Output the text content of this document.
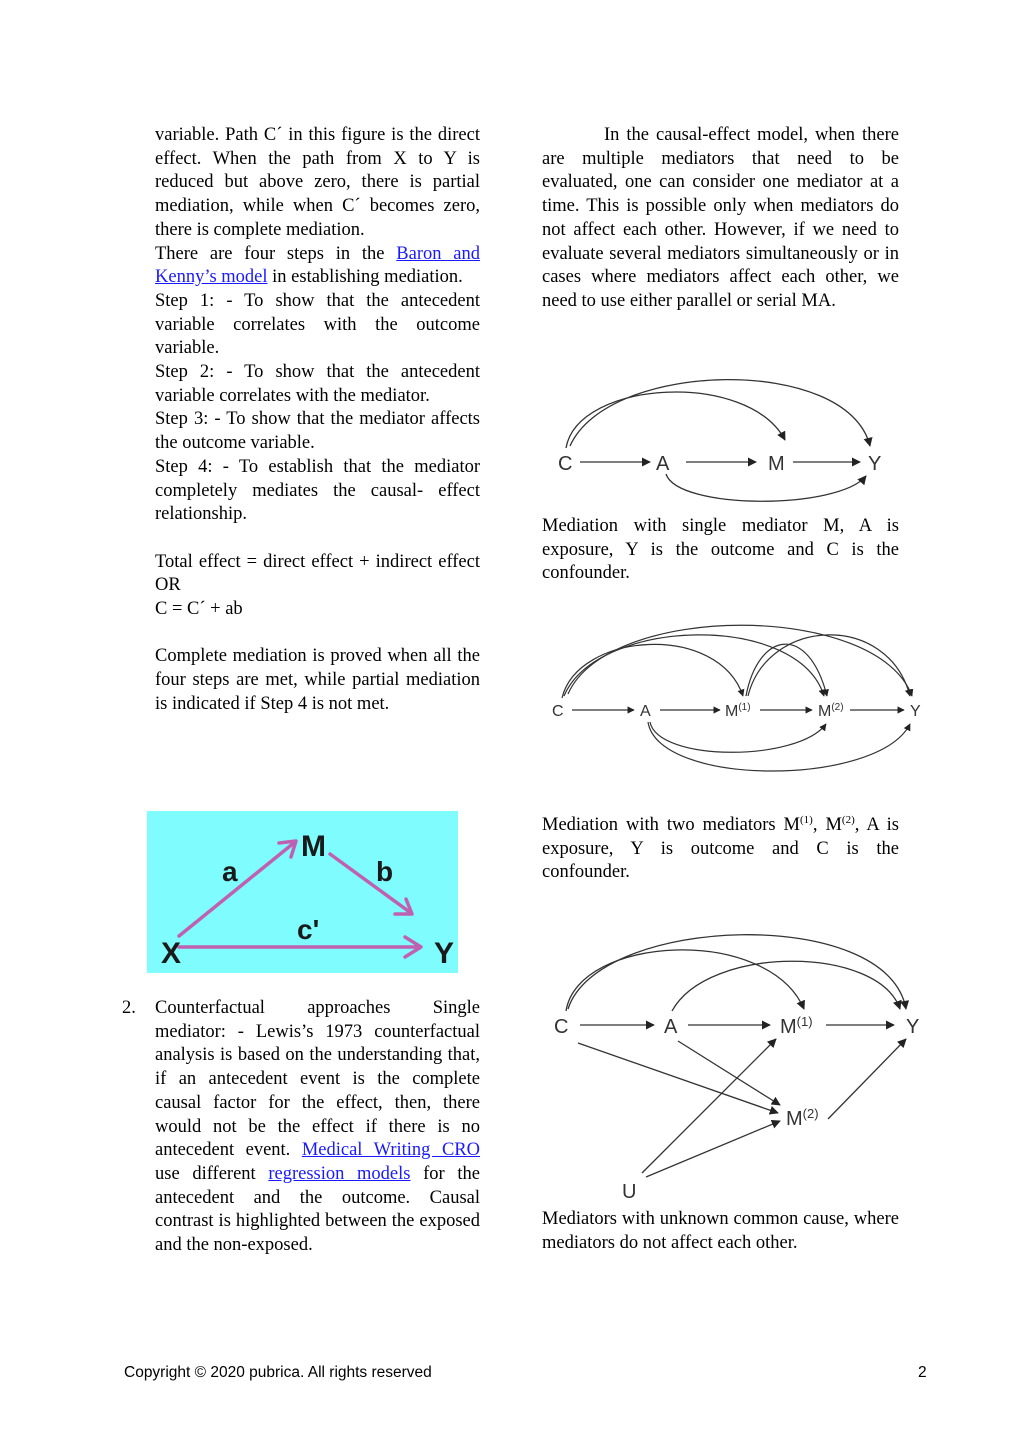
variable. Path C´ in this figure is the direct effect. When the path from X to Y is reduced but above zero, there is partial mediation, while when C´ becomes zero, there is complete mediation.

There are four steps in the Baron and Kenny’s model in establishing mediation.

Step 1: - To show that the antecedent variable correlates with the outcome variable.

Step 2: - To show that the antecedent variable correlates with the mediator.

Step 3: - To show that the mediator affects the outcome variable.

Step 4: - To establish that the mediator completely mediates the causal- effect relationship.

Total effect = direct effect + indirect effect OR

C = C´ + ab

Complete mediation is proved when all the four steps are met, while partial mediation is indicated if Step 4 is not met.

X	Y
M
a	b
c'
2. Counterfactual approaches Single mediator: - Lewis’s 1973 counterfactual analysis is based on the understanding that, if an antecedent event is the complete causal factor for the effect, then, there would not be the effect if there is no antecedent event. Medical Writing CRO use different regression models for the antecedent and the outcome. Causal contrast is highlighted between the exposed and the non-exposed.

In the causal-effect model, when there are multiple mediators that need to be evaluated, one can consider one mediator at a time. This is possible only when mediators do not affect each other. However, if we need to evaluate several mediators simultaneously or in cases where mediators affect each other, we need to use either parallel or serial MA.

C	A	M	Y

Mediation with single mediator M, A is exposure, Y is the outcome and C is the confounder.

C	A	$M^{(1)}$	$M^{(2)}$	Y

Mediation with two mediators $M^{(1)}$, $M^{(2)}$, A is exposure, Y is outcome and C is the confounder.

C	A	$M^{(1)}$
$M^{(2)}$
Y
U

Mediators with unknown common cause, where mediators do not affect each other.

Copyright © 2020 pubrica. All rights reserved	2
